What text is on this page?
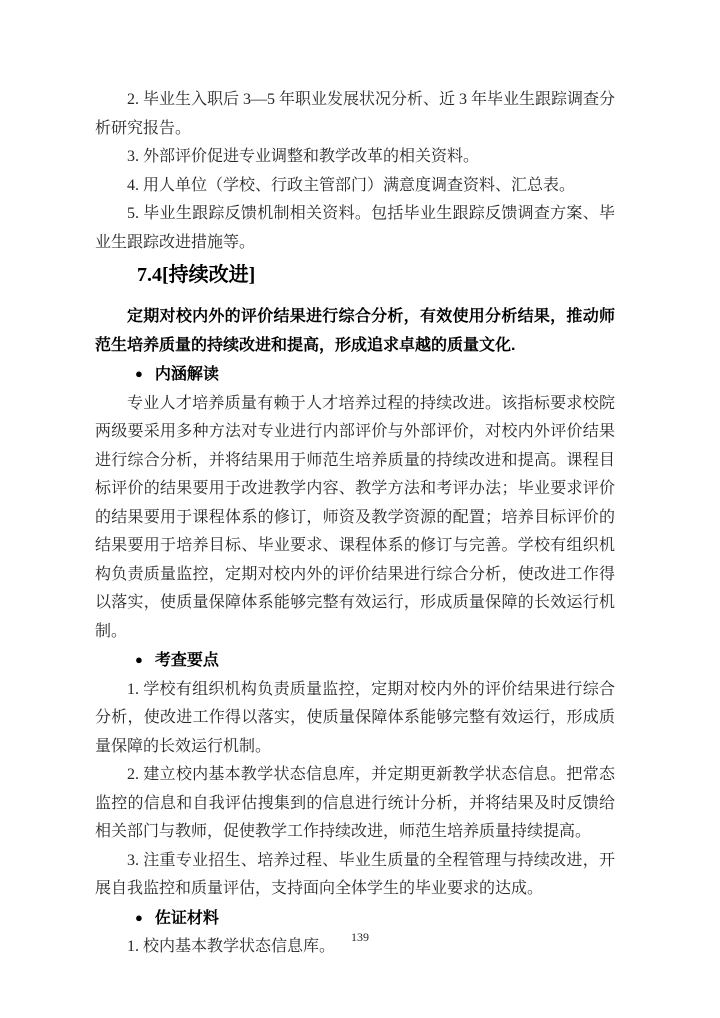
2. 毕业生入职后 3—5 年职业发展状况分析、近 3 年毕业生跟踪调查分析研究报告。

3. 外部评价促进专业调整和教学改革的相关资料。

4. 用人单位（学校、行政主管部门）满意度调查资料、汇总表。

5. 毕业生跟踪反馈机制相关资料。包括毕业生跟踪反馈调查方案、毕业生跟踪改进措施等。

7.4[持续改进]

定期对校内外的评价结果进行综合分析，有效使用分析结果，推动师范生培养质量的持续改进和提高，形成追求卓越的质量文化.

● 内涵解读

专业人才培养质量有赖于人才培养过程的持续改进。该指标要求校院两级要采用多种方法对专业进行内部评价与外部评价，对校内外评价结果进行综合分析，并将结果用于师范生培养质量的持续改进和提高。课程目标评价的结果要用于改进教学内容、教学方法和考评办法；毕业要求评价的结果要用于课程体系的修订，师资及教学资源的配置；培养目标评价的结果要用于培养目标、毕业要求、课程体系的修订与完善。学校有组织机构负责质量监控，定期对校内外的评价结果进行综合分析，使改进工作得以落实，使质量保障体系能够完整有效运行，形成质量保障的长效运行机制。

● 考查要点

1. 学校有组织机构负责质量监控，定期对校内外的评价结果进行综合分析，使改进工作得以落实，使质量保障体系能够完整有效运行，形成质量保障的长效运行机制。

2. 建立校内基本教学状态信息库，并定期更新教学状态信息。把常态监控的信息和自我评估搜集到的信息进行统计分析，并将结果及时反馈给相关部门与教师，促使教学工作持续改进，师范生培养质量持续提高。

3. 注重专业招生、培养过程、毕业生质量的全程管理与持续改进，开展自我监控和质量评估，支持面向全体学生的毕业要求的达成。

● 佐证材料

1. 校内基本教学状态信息库。

139
